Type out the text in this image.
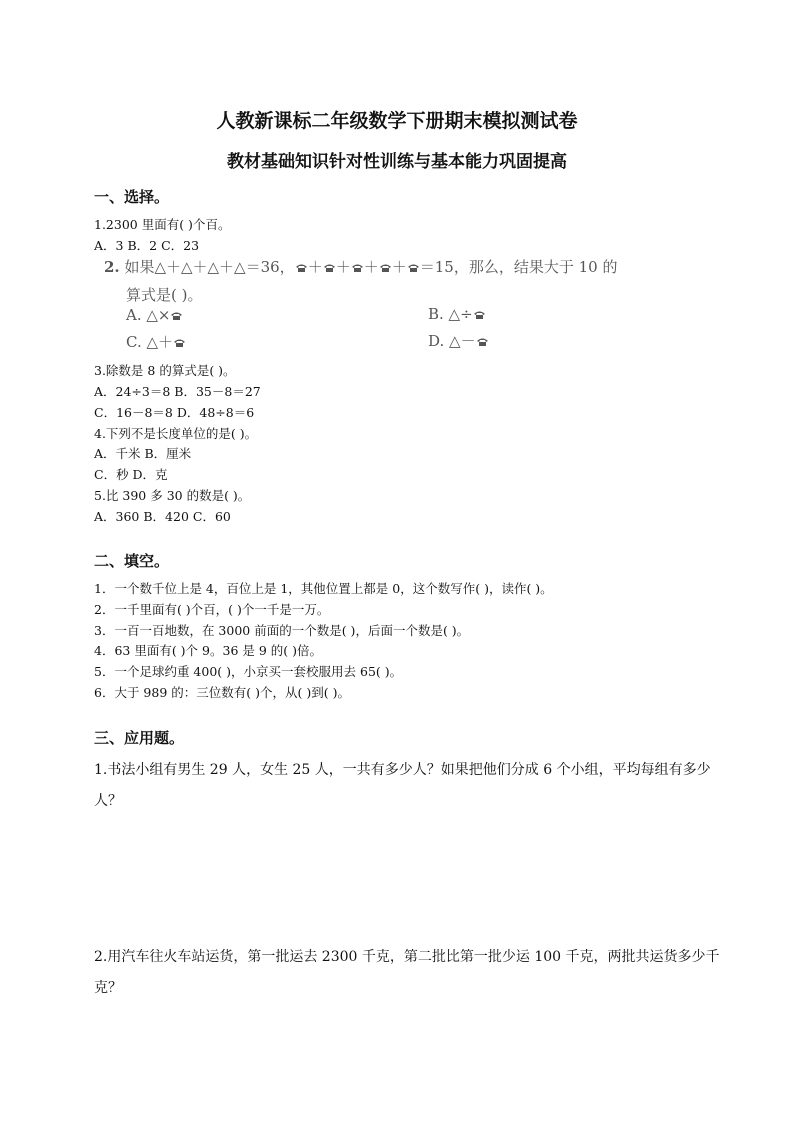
人教新课标二年级数学下册期末模拟测试卷
教材基础知识针对性训练与基本能力巩固提高
一、选择。
1.2300 里面有( )个百。
A．3 B．2 C．23
2. 如果△＋△＋△＋△＝36， ＋ ＋ ＋ ＋ ＝15，那么，结果大于 10 的
算式是( )。
A. △×	B. △÷
C. △＋	D. △－
3.除数是 8 的算式是( )。
A．24÷3＝8 B．35－8＝27
C．16－8＝8 D．48÷8＝6
4.下列不是长度单位的是( )。
A．千米 B．厘米
C．秒 D．克
5.比 390 多 30 的数是( )。
A．360 B．420 C．60
二、填空。
1．一个数千位上是 4，百位上是 1，其他位置上都是 0，这个数写作( )，读作( )。
2．一千里面有( )个百，( )个一千是一万。
3．一百一百地数，在 3000 前面的一个数是( )，后面一个数是( )。
4．63 里面有( )个 9。36 是 9 的( )倍。
5．一个足球约重 400( )，小京买一套校服用去 65( )。
6．大于 989 的：三位数有( )个，从( )到( )。
三、应用题。
1.书法小组有男生 29 人，女生 25 人，一共有多少人？如果把他们分成 6 个小组，平均每组有多少
人？
2.用汽车往火车站运货，第一批运去 2300 千克，第二批比第一批少运 100 千克，两批共运货多少千
克？
